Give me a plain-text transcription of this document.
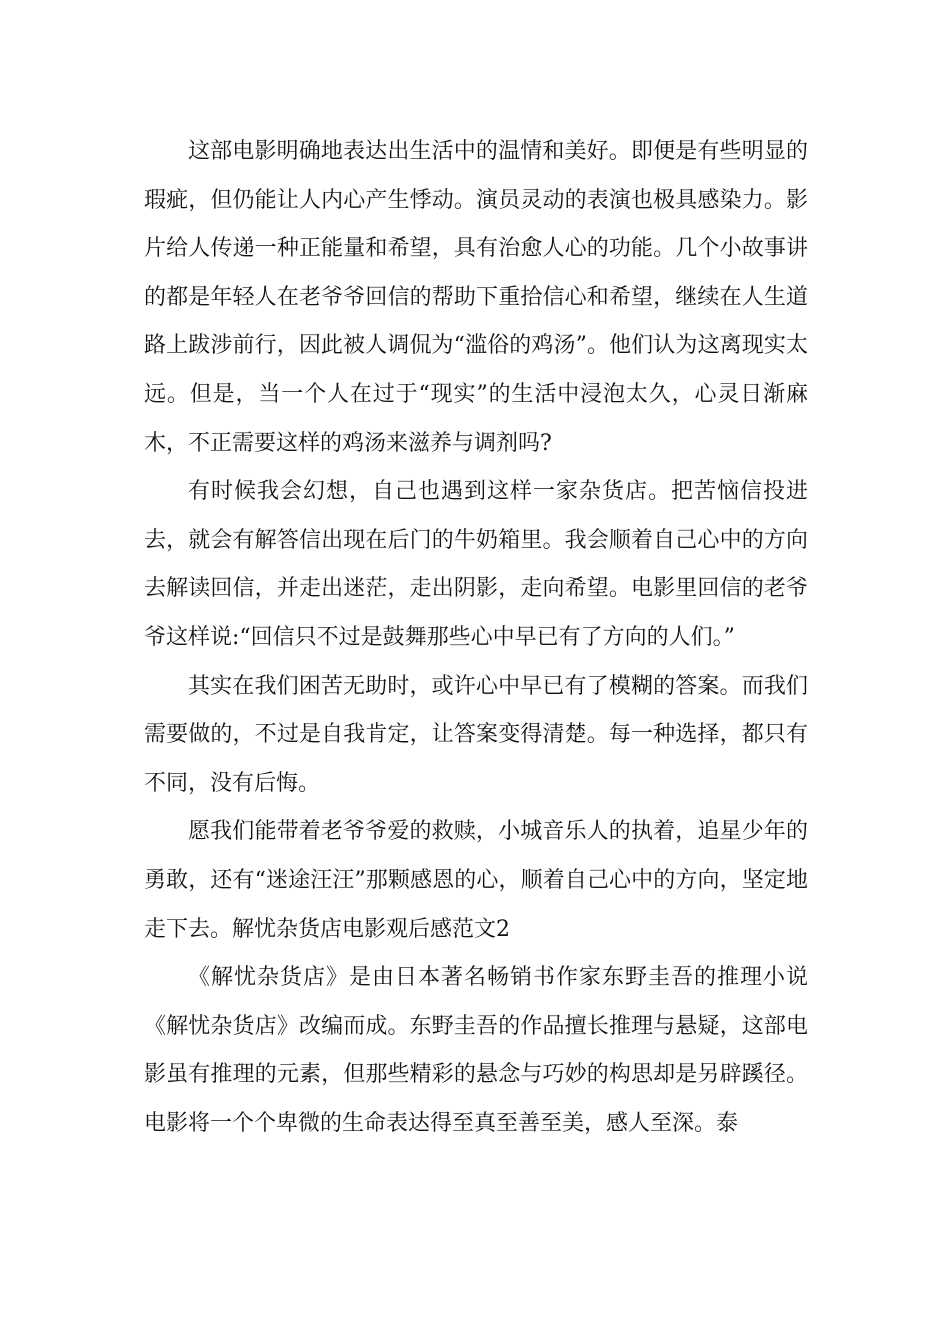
这部电影明确地表达出生活中的温情和美好。即便是有些明显的瑕疵，但仍能让人内心产生悸动。演员灵动的表演也极具感染力。影片给人传递一种正能量和希望，具有治愈人心的功能。几个小故事讲的都是年轻人在老爷爷回信的帮助下重拾信心和希望，继续在人生道路上跋涉前行，因此被人调侃为“滥俗的鸡汤”。他们认为这离现实太远。但是，当一个人在过于“现实”的生活中浸泡太久，心灵日渐麻木，不正需要这样的鸡汤来滋养与调剂吗?

有时候我会幻想，自己也遇到这样一家杂货店。把苦恼信投进去，就会有解答信出现在后门的牛奶箱里。我会顺着自己心中的方向去解读回信，并走出迷茫，走出阴影，走向希望。电影里回信的老爷爷这样说:“回信只不过是鼓舞那些心中早已有了方向的人们。”

其实在我们困苦无助时，或许心中早已有了模糊的答案。而我们需要做的，不过是自我肯定，让答案变得清楚。每一种选择，都只有不同，没有后悔。

愿我们能带着老爷爷爱的救赎，小城音乐人的执着，追星少年的勇敢，还有“迷途汪汪”那颗感恩的心，顺着自己心中的方向，坚定地走下去。解忧杂货店电影观后感范文2

《解忧杂货店》是由日本著名畅销书作家东野圭吾的推理小说《解忧杂货店》改编而成。东野圭吾的作品擅长推理与悬疑，这部电影虽有推理的元素，但那些精彩的悬念与巧妙的构思却是另辟蹊径。电影将一个个卑微的生命表达得至真至善至美，感人至深。泰
